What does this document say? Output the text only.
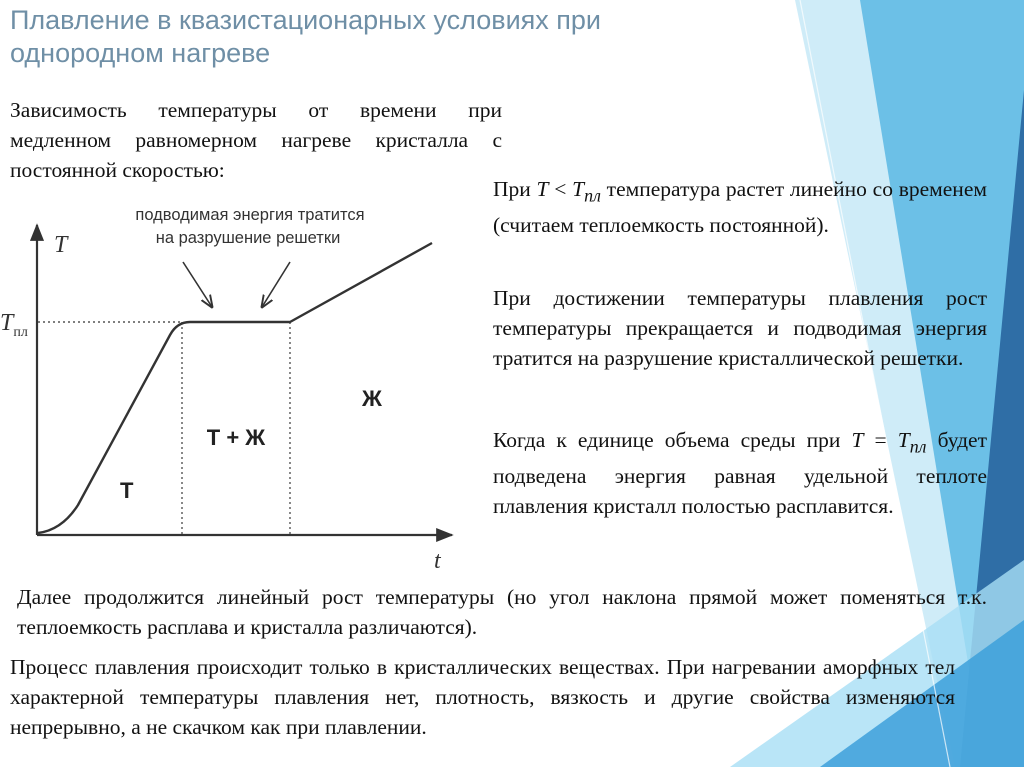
Плавление в квазистационарных условиях при однородном нагреве

Зависимость температуры от времени при медленном равномерном нагреве кристалла с постоянной скоростью:

T
t
$T_{пл}$
подводимая энергия тратится
на разрушение решетки
Т
Т + Ж
Ж

При $T < T_{пл}$ температура растет линейно со временем (считаем теплоемкость постоянной).

При достижении температуры плавления рост температуры прекращается и подводимая энергия тратится на разрушение кристаллической решетки.

Когда к единице объема среды при $T = T_{пл}$ будет подведена энергия равная удельной теплоте плавления кристалл полостью расплавится.

Далее продолжится линейный рост температуры (но угол наклона прямой может поменяться т.к. теплоемкость расплава и кристалла различаются).

Процесс плавления происходит только в кристаллических веществах. При нагревании аморфных тел характерной температуры плавления нет, плотность, вязкость и другие свойства изменяются непрерывно, а не скачком как при плавлении.
